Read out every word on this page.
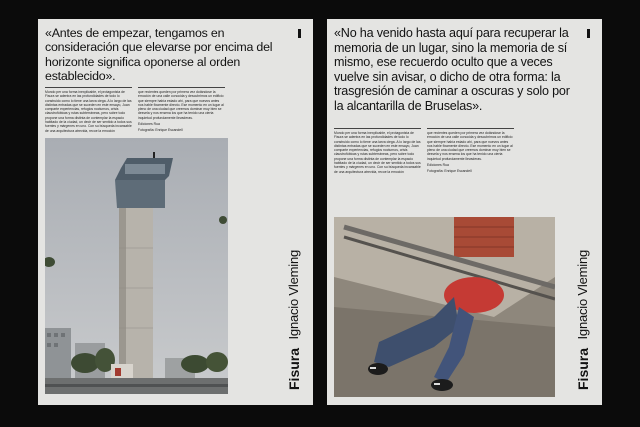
«Antes de empezar, tengamos en consideración que elevarse por encima del horizonte significa oponerse al orden establecido».

Mundo per una forma inexplicable, el protagonista de Fisura se adentra en las profundidades de todo lo construido como lo tiene una larva ciega. A lo largo de las distintas entradas que se suceden en este ensayo, Juan comparte experiencias, refugios nocturnos, crisis claustrofóbicas y rutas subterráneas, pero sobre todo propone una forma distinta de contemplar la espacio habitado de la ciudad, un decir de ser sentido a todos sus fuentes y márgenes en uno. Con su búsqueda incansable de una arquitectura atrevida, recoe la emoción

que recientes queden por primera vez dotándose la emoción de una calle conocida y descubrimos un edificio que siempre había estado ahí, para que nuevos antes nos hable fixamente directo. Ese momento en un lugar al pleno de una ciudad que creemos dominar muy bien se desvela y nos ensena los que ha tenido una cierta inquietud profundamente llevaderas.

Ediciones Rua

Fotografía: Enrique Escandell

Fisura
Ignacio Vleming
«No ha venido hasta aquí para recuperar la memoria de un lugar, sino la memoria de sí mismo, ese recuerdo oculto que a veces vuelve sin avisar, o dicho de otra forma: la trasgresión de caminar a oscuras y solo por la alcantarilla de Bruselas».

Mundo per una forma inexplicable, el protagonista de Fisura se adentra en las profundidades de todo lo construido como lo tiene una larva ciega. A lo largo de las distintas entradas que se suceden en este ensayo, Juan comparte experiencias, refugios nocturnos, crisis claustrofóbicas y rutas subterráneas, pero sobre todo propone una forma distinta de contemplar la espacio habitado de la ciudad, un decir de ser sentido a todos sus fuentes y márgenes en uno. Con su búsqueda incansable de una arquitectura atrevida, recoe la emoción

que recientes queden por primera vez dotándose la emoción de una calle conocida y descubrimos un edificio que siempre había estado ahí, para que nuevos antes nos hable fixamente directo. Ese momento en un lugar al pleno de una ciudad que creemos dominar muy bien se desvela y nos ensena los que ha tenido una cierta inquietud profundamente llevaderas.

Ediciones Rua

Fotografía: Enrique Escandell

Fisura
Ignacio Vleming
